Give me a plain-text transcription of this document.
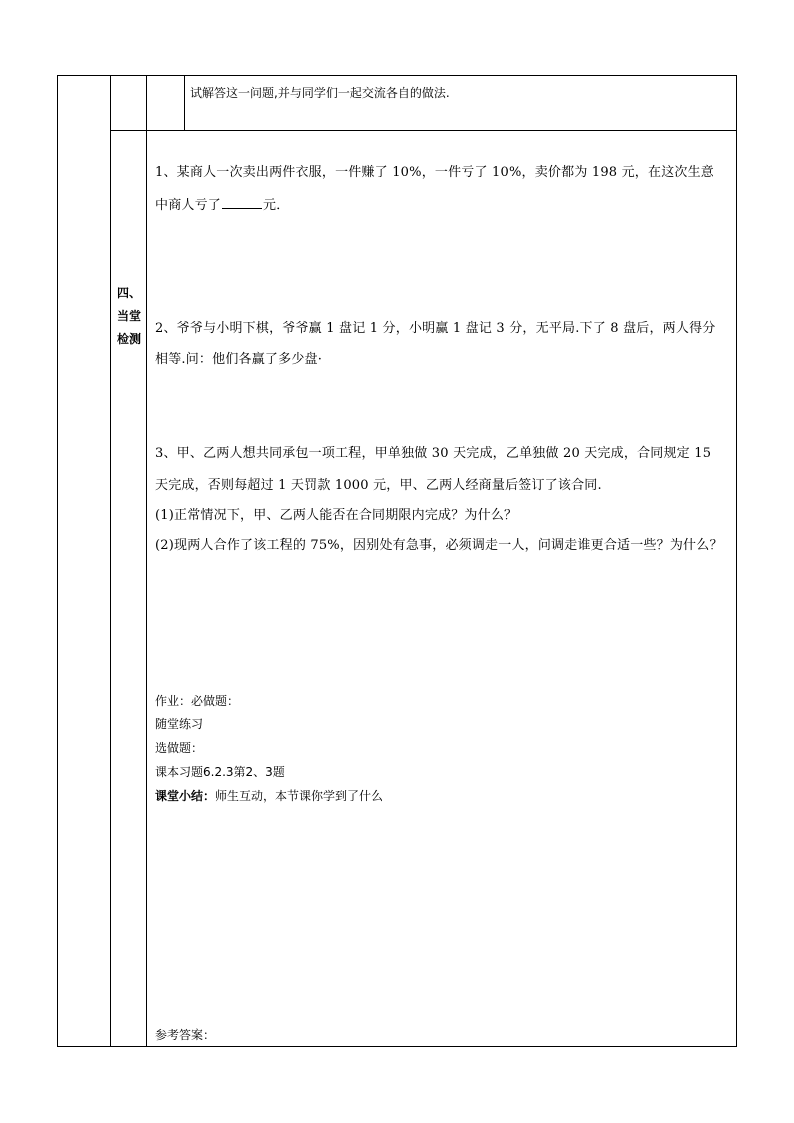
试解答这一问题,并与同学们一起交流各自的做法.
四、当堂检测
1、某商人一次卖出两件衣服，一件赚了 10%，一件亏了 10%，卖价都为 198 元，在这次生意
中商人亏了	元．
2、爷爷与小明下棋，爷爷赢 1 盘记 1 分，小明赢 1 盘记 3 分，无平局.下了 8 盘后，两人得分
相等.问：他们各赢了多少盘·
3、甲、乙两人想共同承包一项工程，甲单独做 30 天完成，乙单独做 20 天完成，合同规定 15
天完成，否则每超过 1 天罚款 1000 元，甲、乙两人经商量后签订了该合同.
(1)正常情况下，甲、乙两人能否在合同期限内完成？为什么？
(2)现两人合作了该工程的 75%，因别处有急事，必须调走一人，问调走谁更合适一些？为什么？
作业：必做题：
随堂练习
选做题：
课本习题6.2.3第2、3题
课堂小结：师生互动，本节课你学到了什么
参考答案：
